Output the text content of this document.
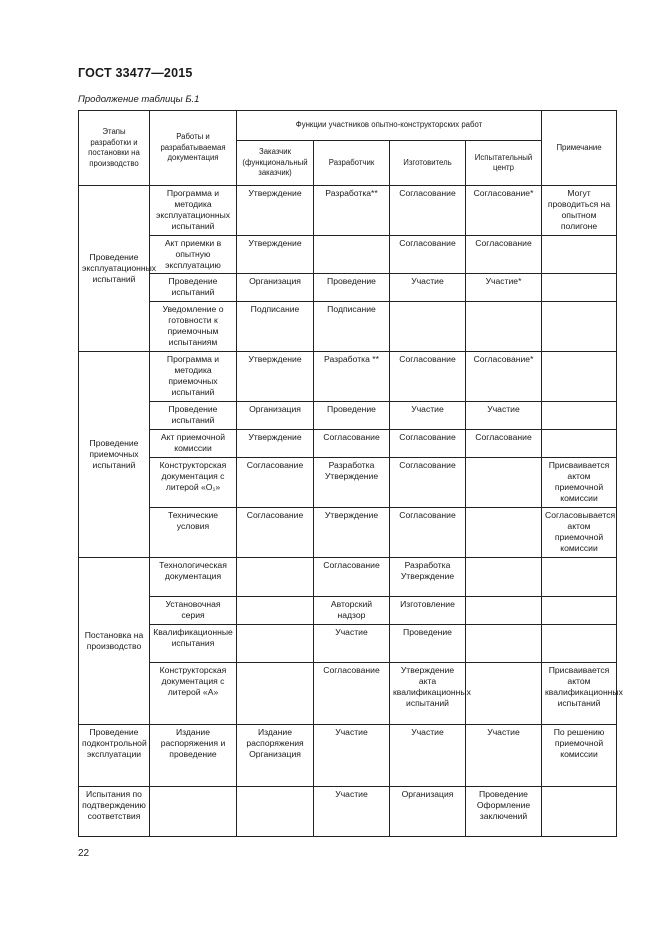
ГОСТ 33477—2015
Продолжение таблицы Б.1
Этапы разработки и постановки на производство	Работы и разрабатываемая документация	Функции участников опытно-конструкторских работ				Примечание
		Заказчик (функциональный заказчик)	Разработчик	Изготовитель	Испытательный центр	
Проведение эксплуатационных испытаний	Программа и методика эксплуатационных испытаний	Утверждение	Разработка**	Согласование	Согласование*	Могут проводиться на опытном полигоне
	Акт приемки в опытную эксплуатацию	Утверждение		Согласование	Согласование	
	Проведение испытаний	Организация	Проведение	Участие	Участие*	
	Уведомление о готовности к приемочным испытаниям	Подписание	Подписание			
Проведение приемочных испытаний	Программа и методика приемочных испытаний	Утверждение	Разработка **	Согласование	Согласование*	
	Проведение испытаний	Организация	Проведение	Участие	Участие	
	Акт приемочной комиссии	Утверждение	Согласование	Согласование	Согласование	
	Конструкторская документация с литерой «О₁»	Согласование	Разработка Утверждение	Согласование		Присваивается актом приемочной комиссии
	Технические условия	Согласование	Утверждение	Согласование		Согласовывается актом приемочной комиссии
Постановка на производство	Технологическая документация		Согласование	Разработка Утверждение		
	Установочная серия		Авторский надзор	Изготовление		
	Квалификационные испытания		Участие	Проведение		
	Конструкторская документация с литерой «А»		Согласование	Утверждение акта квалификационных испытаний		Присваивается актом квалификационных испытаний
Проведение подконтрольной эксплуатации	Издание распоряжения и проведение	Издание распоряжения Организация	Участие	Участие	Участие	По решению приемочной комиссии
Испытания по подтверждению соответствия			Участие	Организация	Проведение Оформление заключений	
22
